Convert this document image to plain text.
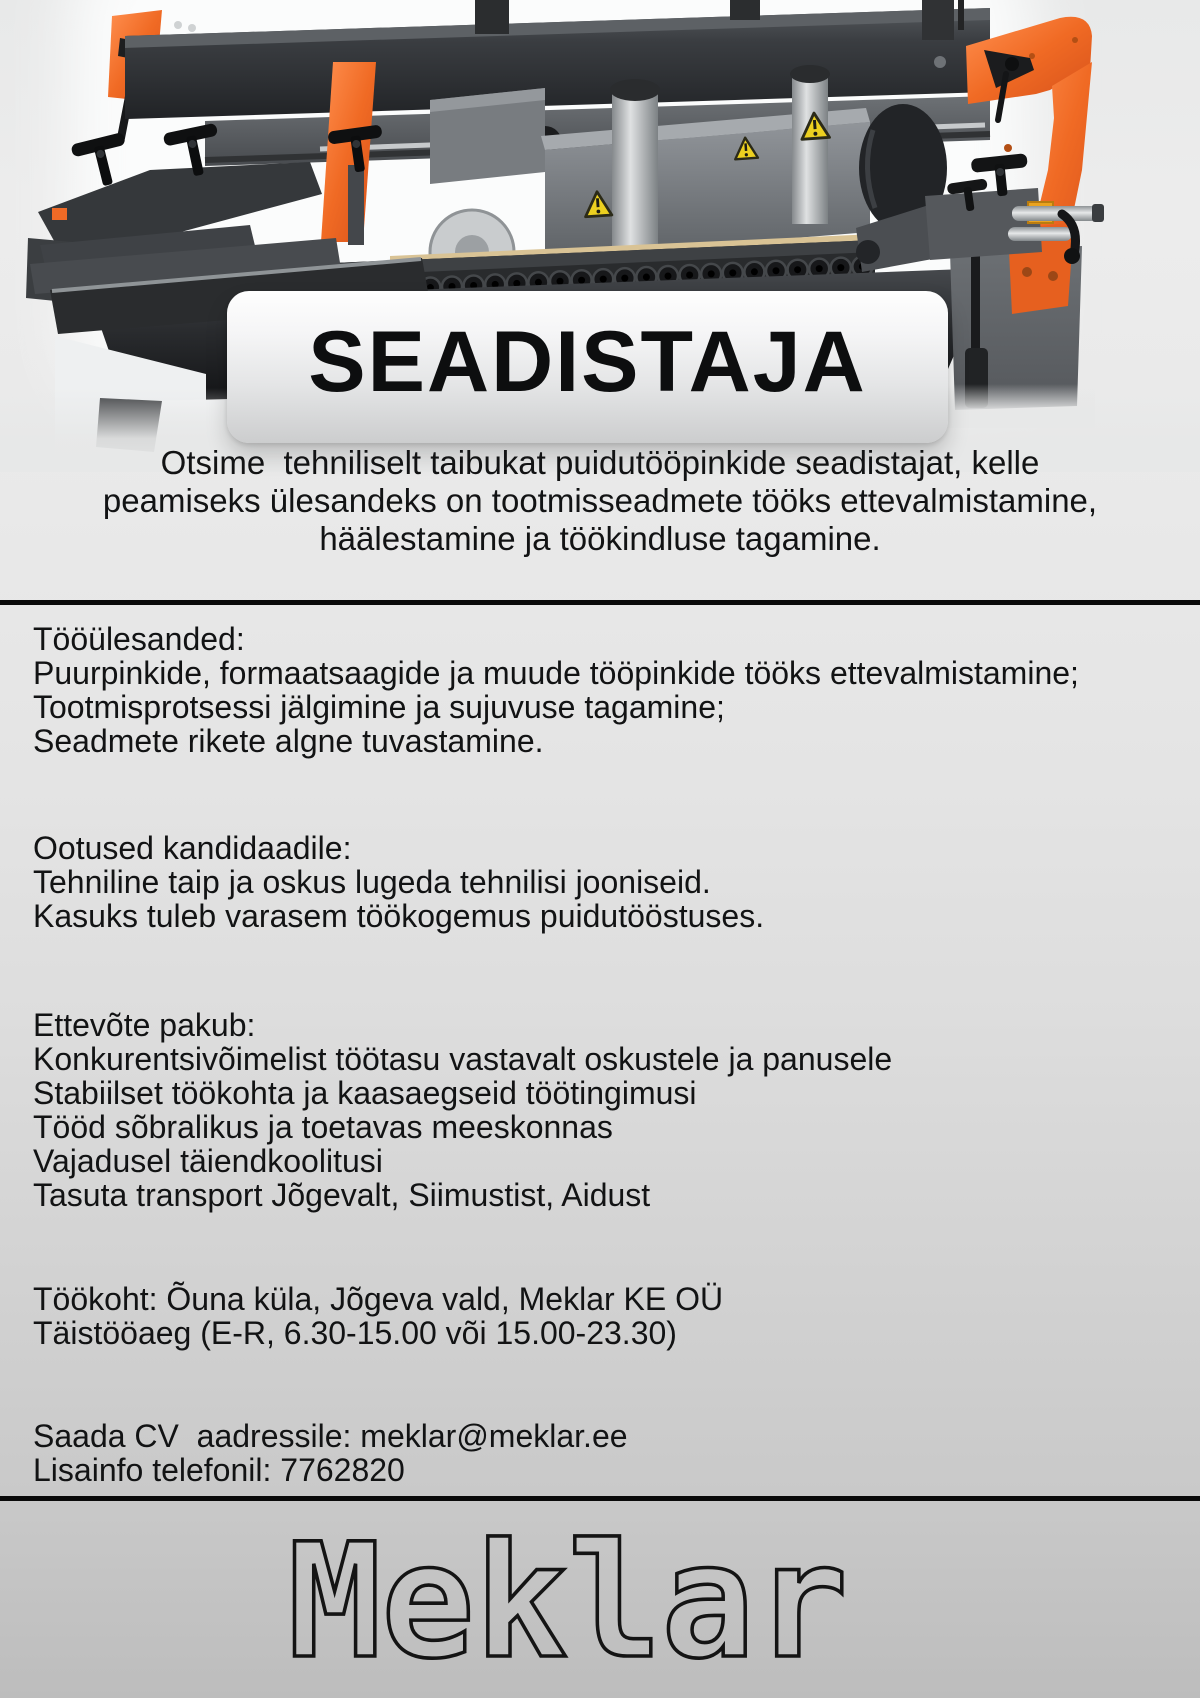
SEADISTAJA
Otsime  tehniliselt taibukat puidutööpinkide seadistajat, kelle
peamiseks ülesandeks on tootmisseadmete tööks ettevalmistamine,
häälestamine ja töökindluse tagamine.
Tööülesanded:
Puurpinkide, formaatsaagide ja muude tööpinkide tööks ettevalmistamine;
Tootmisprotsessi jälgimine ja sujuvuse tagamine;
Seadmete rikete algne tuvastamine.
Ootused kandidaadile:
Tehniline taip ja oskus lugeda tehnilisi jooniseid.
Kasuks tuleb varasem töökogemus puidutööstuses.
Ettevõte pakub:
Konkurentsivõimelist töötasu vastavalt oskustele ja panusele
Stabiilset töökohta ja kaasaegseid töötingimusi
Tööd sõbralikus ja toetavas meeskonnas
Vajadusel täiendkoolitusi
Tasuta transport Jõgevalt, Siimustist, Aidust
Töökoht: Õuna küla, Jõgeva vald, Meklar KE OÜ
Täistööaeg (E-R, 6.30-15.00 või 15.00-23.30)
Saada CV  aadressile: meklar@meklar.ee
Lisainfo telefonil: 7762820
Meklar
